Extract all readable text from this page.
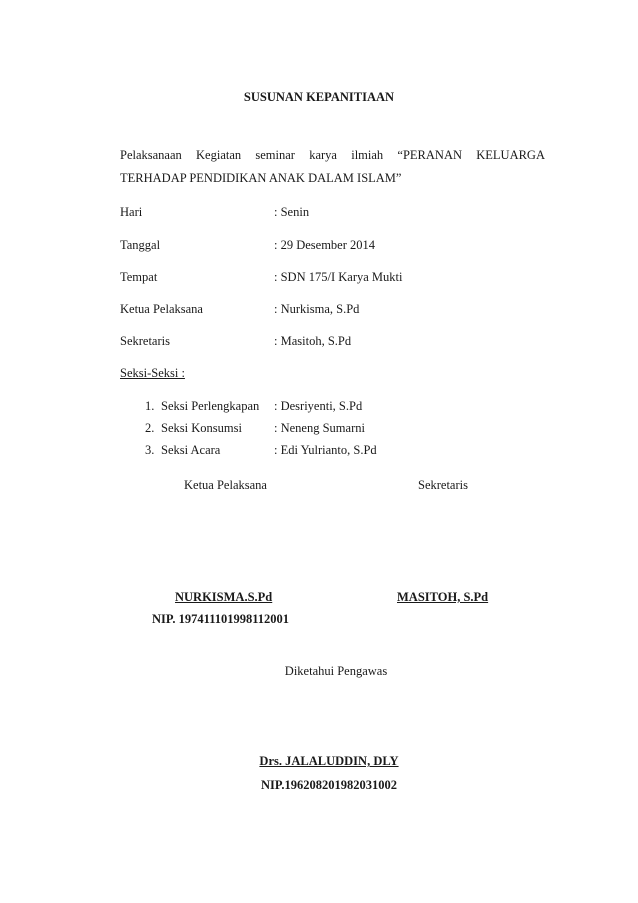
SUSUNAN KEPANITIAAN
Pelaksanaan Kegiatan seminar karya ilmiah “PERANAN KELUARGA
TERHADAP PENDIDIKAN ANAK DALAM ISLAM”
Hari	: Senin
Tanggal	: 29 Desember 2014
Tempat	: SDN 175/I Karya Mukti
Ketua Pelaksana	: Nurkisma, S.Pd
Sekretaris	: Masitoh, S.Pd
Seksi-Seksi :
1. Seksi Perlengkapan : Desriyenti, S.Pd
2. Seksi Konsumsi	: Neneng Sumarni
3. Seksi Acara	: Edi Yulrianto, S.Pd
Ketua Pelaksana	Sekretaris
NURKISMA.S.Pd	MASITOH, S.Pd
NIP. 197411101998112001
Diketahui Pengawas
Drs. JALALUDDIN, DLY
NIP.196208201982031002
